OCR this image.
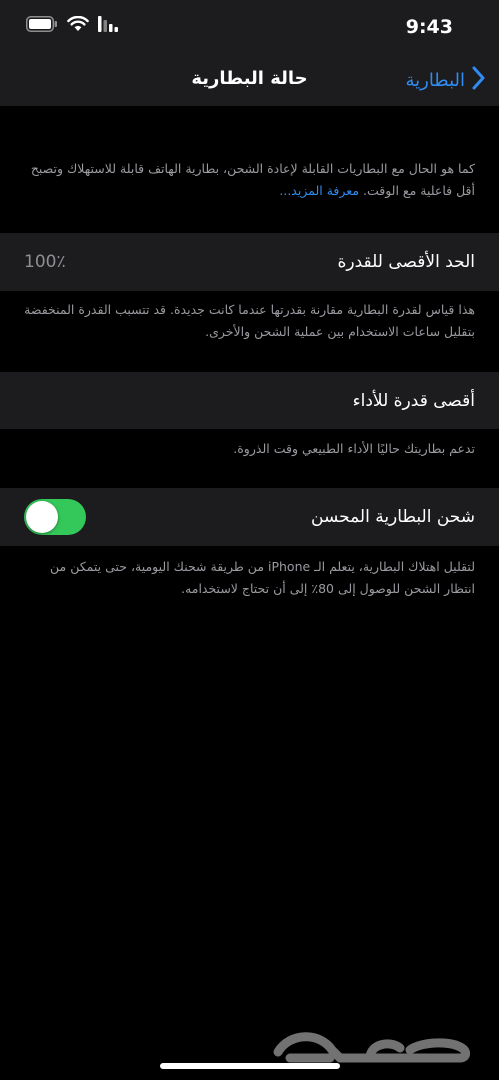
9:43
حالة البطارية	البطارية
كما هو الحال مع البطاريات القابلة لإعادة الشحن، بطارية الهاتف قابلة للاستهلاك وتصبح أقل فاعلية مع الوقت. معرفة المزيد...
الحد الأقصى للقدرة
100٪
هذا قياس لقدرة البطارية مقارنة بقدرتها عندما كانت جديدة. قد تتسبب القدرة المنخفضة بتقليل ساعات الاستخدام بين عملية الشحن والأخرى.
أقصى قدرة للأداء
تدعم بطاريتك حاليًا الأداء الطبيعي وقت الذروة.
شحن البطارية المحسن
لتقليل اهتلاك البطارية، يتعلم الـ iPhone من طريقة شحنك اليومية، حتى يتمكن من انتظار الشحن للوصول إلى 80٪ إلى أن تحتاج لاستخدامه.
